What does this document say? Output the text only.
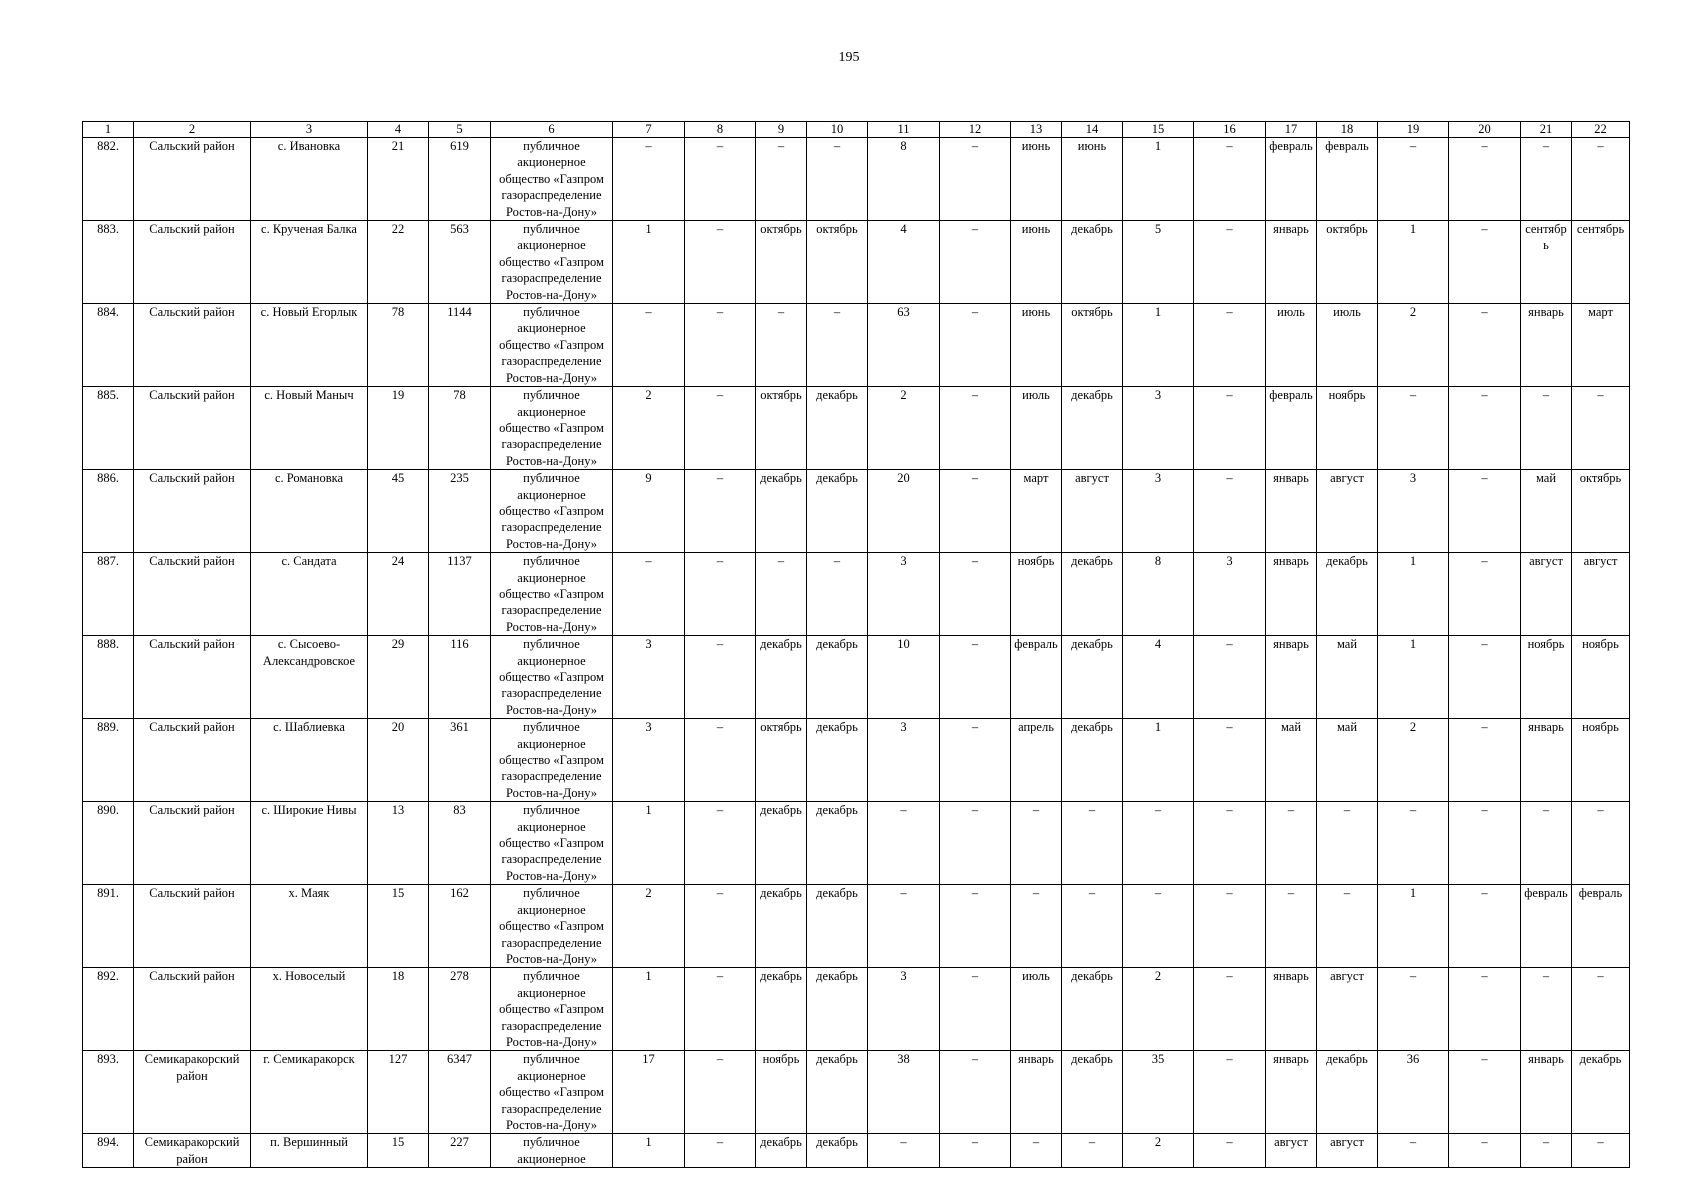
195
1	2	3	4	5	6	7	8	9	10	11	12	13	14	15	16	17	18	19	20	21	22
882.	Сальский район	с. Ивановка	21	619	публичное акционерное общество «Газпром газораспределение Ростов-на-Дону»	–	–	–	–	8	–	июнь	июнь	1	–	февраль	февраль	–	–	–	–
883.	Сальский район	с. Крученая Балка	22	563	публичное акционерное общество «Газпром газораспределение Ростов-на-Дону»	1	–	октябрь	октябрь	4	–	июнь	декабрь	5	–	январь	октябрь	1	–	сентябр ь	сентябрь
884.	Сальский район	с. Новый Егорлык	78	1144	публичное акционерное общество «Газпром газораспределение Ростов-на-Дону»	–	–	–	–	63	–	июнь	октябрь	1	–	июль	июль	2	–	январь	март
885.	Сальский район	с. Новый Маныч	19	78	публичное акционерное общество «Газпром газораспределение Ростов-на-Дону»	2	–	октябрь	декабрь	2	–	июль	декабрь	3	–	февраль	ноябрь	–	–	–	–
886.	Сальский район	с. Романовка	45	235	публичное акционерное общество «Газпром газораспределение Ростов-на-Дону»	9	–	декабрь	декабрь	20	–	март	август	3	–	январь	август	3	–	май	октябрь
887.	Сальский район	с. Сандата	24	1137	публичное акционерное общество «Газпром газораспределение Ростов-на-Дону»	–	–	–	–	3	–	ноябрь	декабрь	8	3	январь	декабрь	1	–	август	август
888.	Сальский район	с. Сысоево-Александровское	29	116	публичное акционерное общество «Газпром газораспределение Ростов-на-Дону»	3	–	декабрь	декабрь	10	–	февраль	декабрь	4	–	январь	май	1	–	ноябрь	ноябрь
889.	Сальский район	с. Шаблиевка	20	361	публичное акционерное общество «Газпром газораспределение Ростов-на-Дону»	3	–	октябрь	декабрь	3	–	апрель	декабрь	1	–	май	май	2	–	январь	ноябрь
890.	Сальский район	с. Широкие Нивы	13	83	публичное акционерное общество «Газпром газораспределение Ростов-на-Дону»	1	–	декабрь	декабрь	–	–	–	–	–	–	–	–	–	–	–	–
891.	Сальский район	х. Маяк	15	162	публичное акционерное общество «Газпром газораспределение Ростов-на-Дону»	2	–	декабрь	декабрь	–	–	–	–	–	–	–	–	1	–	февраль	февраль
892.	Сальский район	х. Новоселый	18	278	публичное акционерное общество «Газпром газораспределение Ростов-на-Дону»	1	–	декабрь	декабрь	3	–	июль	декабрь	2	–	январь	август	–	–	–	–
893.	Семикаракорский район	г. Семикаракорск	127	6347	публичное акционерное общество «Газпром газораспределение Ростов-на-Дону»	17	–	ноябрь	декабрь	38	–	январь	декабрь	35	–	январь	декабрь	36	–	январь	декабрь
894.	Семикаракорский район	п. Вершинный	15	227	публичное акционерное	1	–	декабрь	декабрь	–	–	–	–	2	–	август	август	–	–	–	–
